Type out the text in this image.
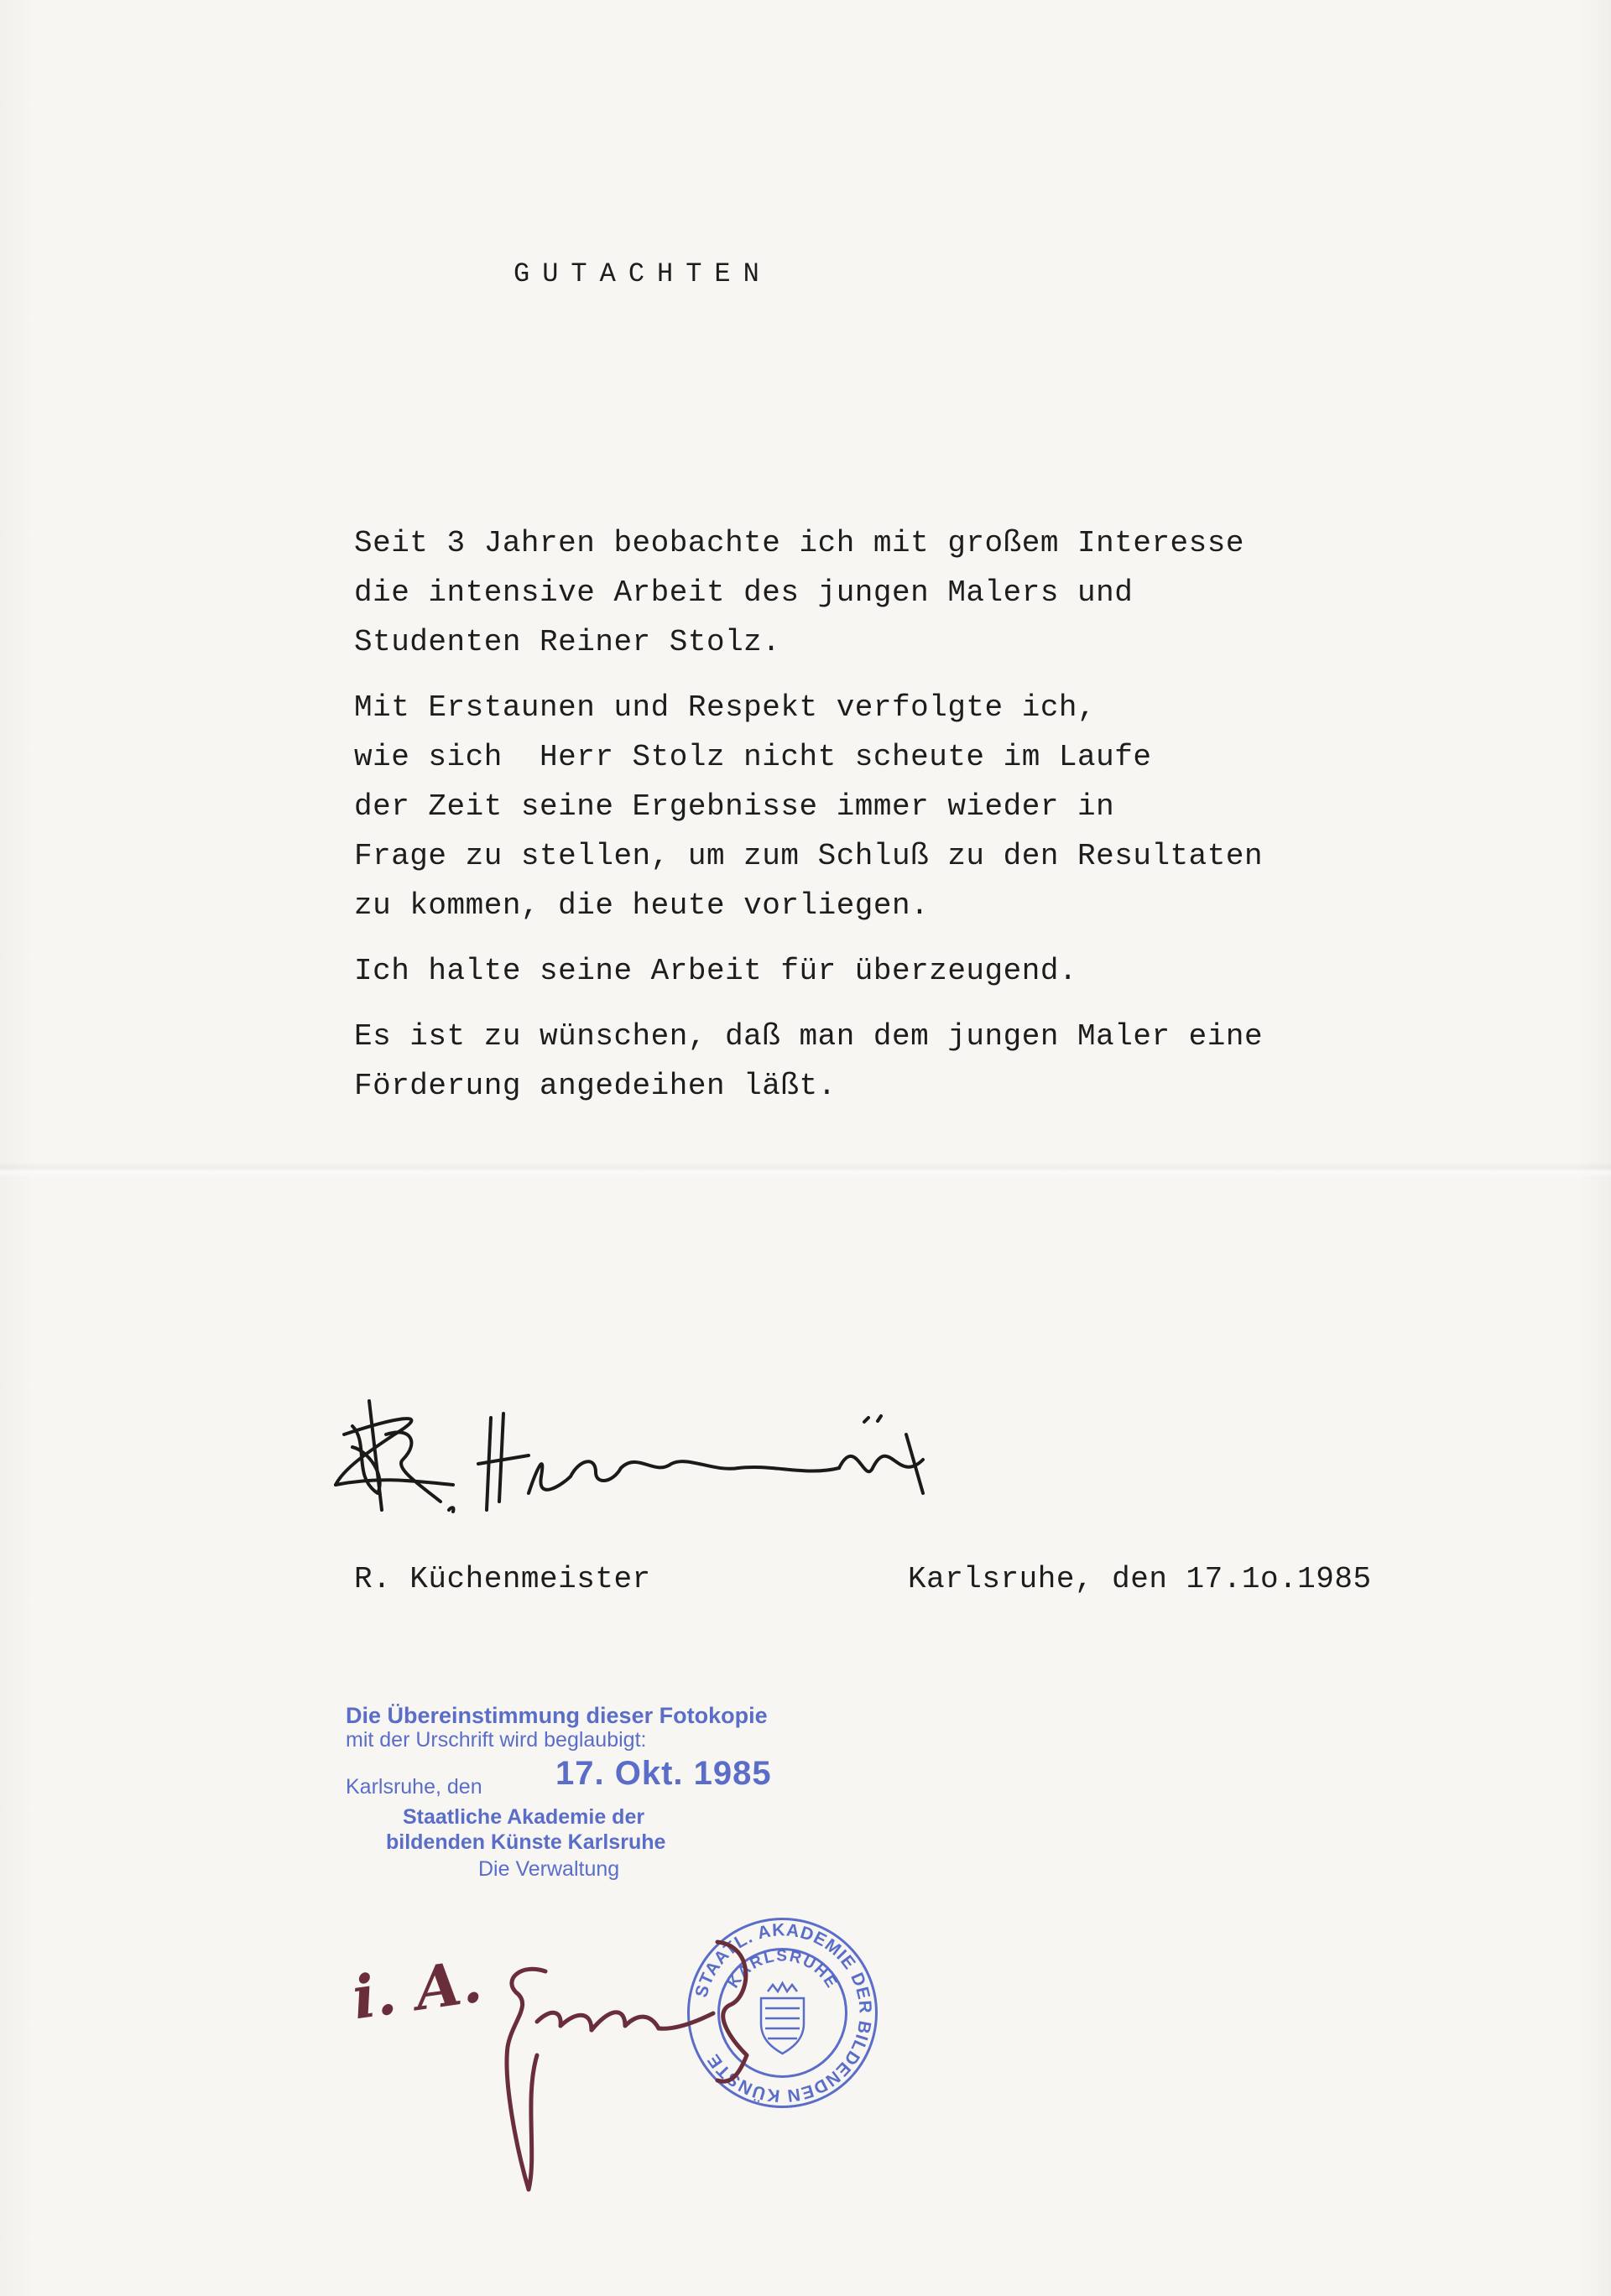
GUTACHTEN
Seit 3 Jahren beobachte ich mit großem Interesse
die intensive Arbeit des jungen Malers und
Studenten Reiner Stolz.
Mit Erstaunen und Respekt verfolgte ich,
wie sich  Herr Stolz nicht scheute im Laufe
der Zeit seine Ergebnisse immer wieder in
Frage zu stellen, um zum Schluß zu den Resultaten
zu kommen, die heute vorliegen.
Ich halte seine Arbeit für überzeugend.
Es ist zu wünschen, daß man dem jungen Maler eine
Förderung angedeihen läßt.
R. Küchenmeister	Karlsruhe, den 17.1o.1985
Die Übereinstimmung dieser Fotokopie
mit der Urschrift wird beglaubigt:
Karlsruhe, den 17. Okt. 1985
Staatliche Akademie der
bildenden Künste Karlsruhe
Die Verwaltung
STAATL. AKADEMIE DER BILDENDEN KÜNSTE
KARLSRUHE
i. A.
